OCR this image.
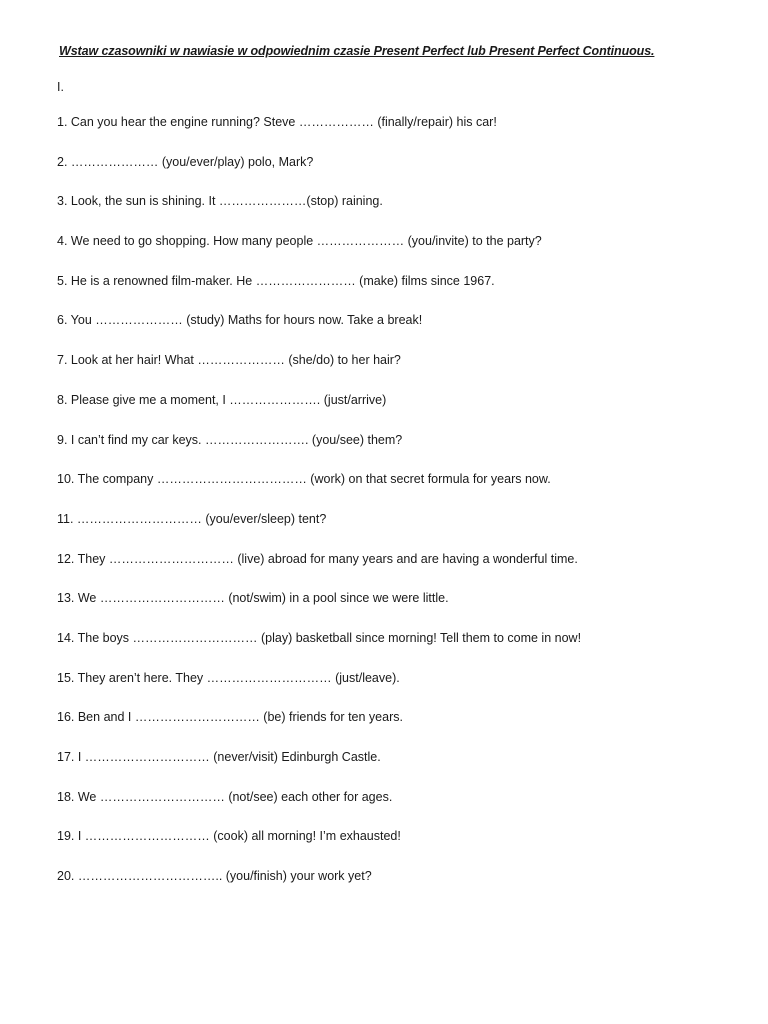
Wstaw czasowniki w nawiasie w odpowiednim czasie Present Perfect lub Present Perfect Continuous.
I.
1. Can you hear the engine running? Steve ……………… (finally/repair) his car!
2. ………………… (you/ever/play) polo, Mark?
3. Look, the sun is shining. It …………………(stop) raining.
4. We need to go shopping. How many people ………………… (you/invite) to the party?
5. He is a renowned film-maker. He …………………… (make) films since 1967.
6. You ………………… (study) Maths for hours now. Take a break!
7. Look at her hair! What ………………… (she/do) to her hair?
8. Please give me a moment, I …………………. (just/arrive)
9. I can’t find my car keys. ……………………. (you/see) them?
10. The company ……………………………… (work) on that secret formula for years now.
11. ………………………… (you/ever/sleep) tent?
12. They ………………………… (live) abroad for many years and are having a wonderful time.
13. We ………………………… (not/swim) in a pool since we were little.
14. The boys ………………………… (play) basketball since morning! Tell them to come in now!
15. They aren’t here. They ………………………… (just/leave).
16. Ben and I ………………………… (be) friends for ten years.
17. I ………………………… (never/visit) Edinburgh Castle.
18. We ………………………… (not/see) each other for ages.
19. I ………………………… (cook) all morning! I’m exhausted!
20. …………………………….. (you/finish) your work yet?
